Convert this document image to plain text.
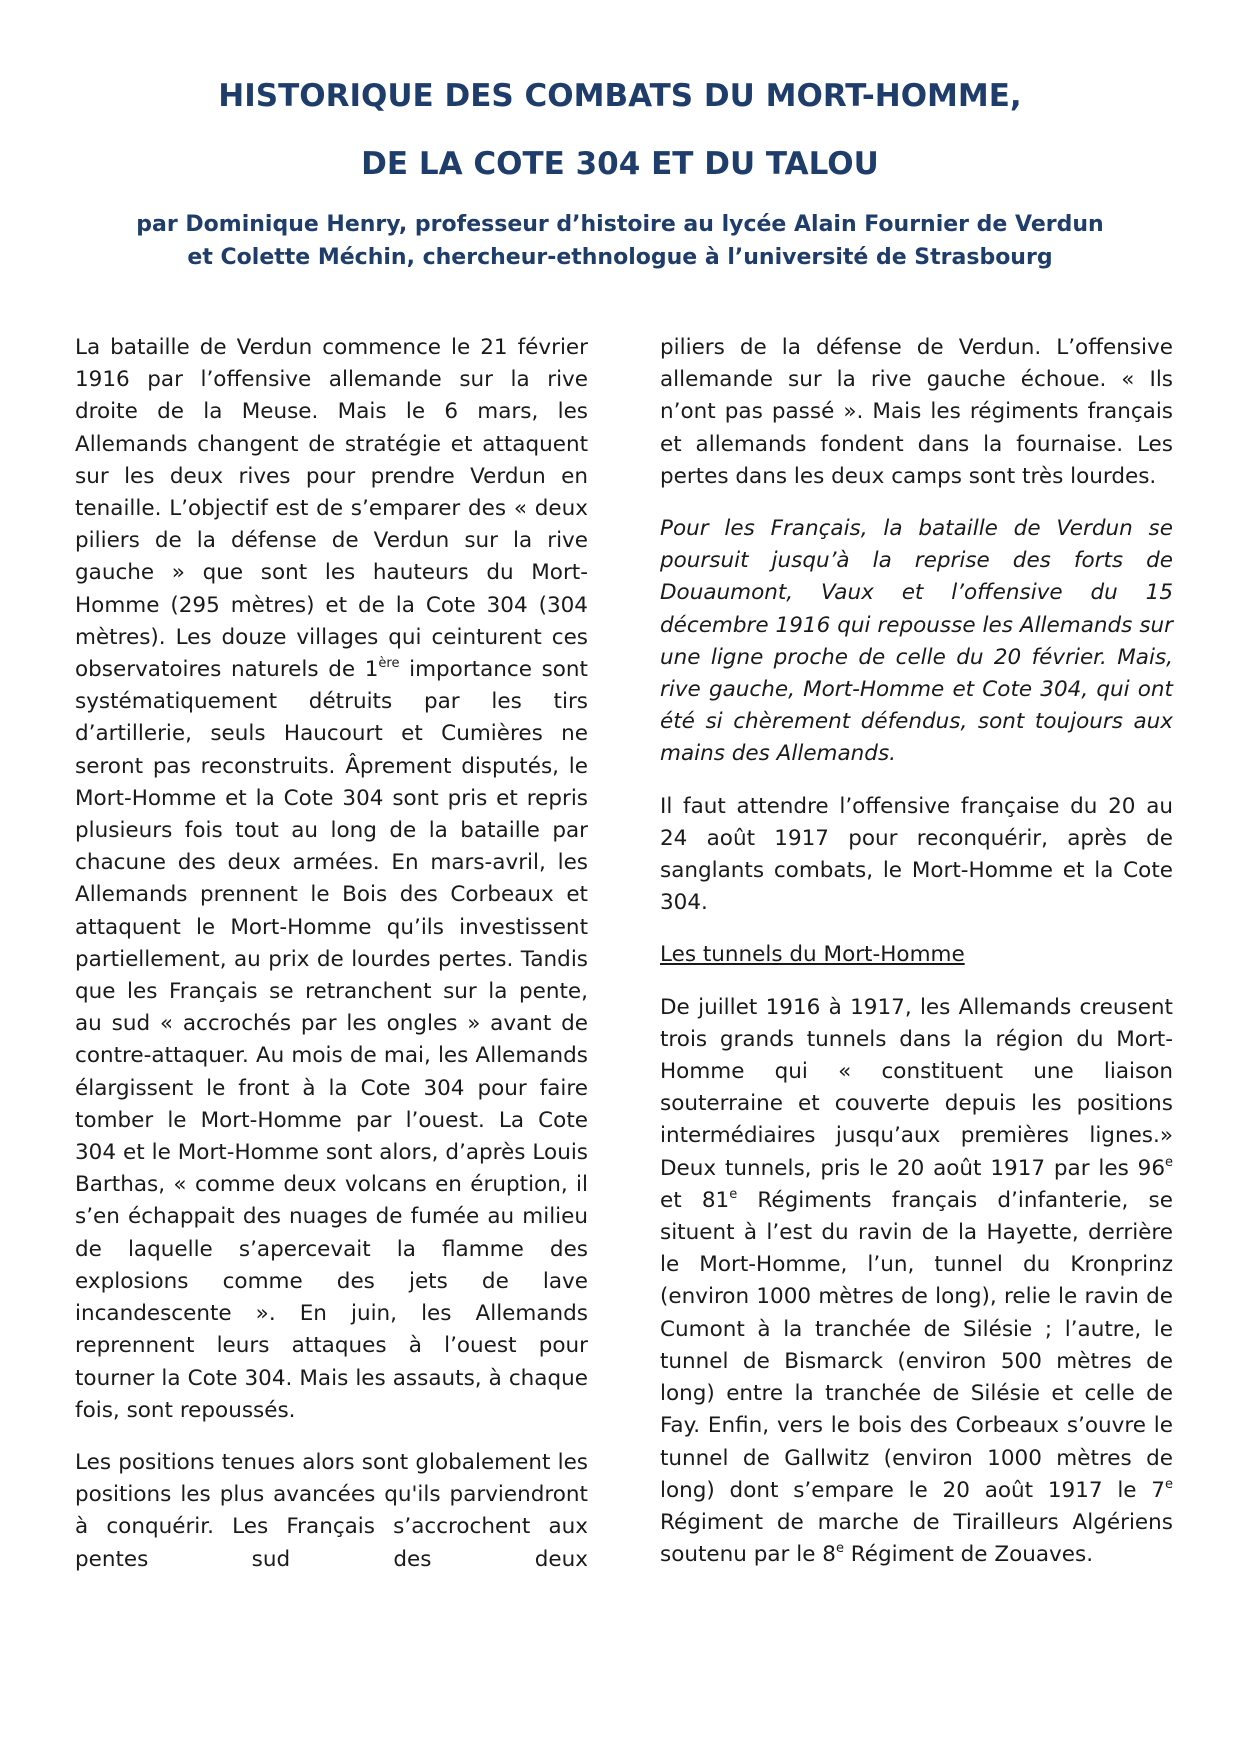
HISTORIQUE DES COMBATS DU MORT-HOMME,
DE LA COTE 304 ET DU TALOU

par Dominique Henry, professeur d’histoire au lycée Alain Fournier de Verdun

et Colette Méchin, chercheur-ethnologue à l’université de Strasbourg

La bataille de Verdun commence le 21 février 1916 par l’offensive allemande sur la rive droite de la Meuse. Mais le 6 mars, les Allemands changent de stratégie et attaquent sur les deux rives pour prendre Verdun en tenaille. L’objectif est de s’emparer des « deux piliers de la défense de Verdun sur la rive gauche » que sont les hauteurs du Mort-Homme (295 mètres) et de la Cote 304 (304 mètres). Les douze villages qui ceinturent ces observatoires naturels de 1ère importance sont systématiquement détruits par les tirs d’artillerie, seuls Haucourt et Cumières ne seront pas reconstruits. Âprement disputés, le Mort-Homme et la Cote 304 sont pris et repris plusieurs fois tout au long de la bataille par chacune des deux armées. En mars-avril, les Allemands prennent le Bois des Corbeaux et attaquent le Mort-Homme qu’ils investissent partiellement, au prix de lourdes pertes. Tandis que les Français se retranchent sur la pente, au sud « accrochés par les ongles » avant de contre-attaquer. Au mois de mai, les Allemands élargissent le front à la Cote 304 pour faire tomber le Mort-Homme par l’ouest. La Cote 304 et le Mort-Homme sont alors, d’après Louis Barthas, « comme deux volcans en éruption, il s’en échappait des nuages de fumée au milieu de laquelle s’apercevait la flamme des explosions comme des jets de lave incandescente ». En juin, les Allemands reprennent leurs attaques à l’ouest pour tourner la Cote 304. Mais les assauts, à chaque fois, sont repoussés.

Les positions tenues alors sont globalement les positions les plus avancées qu'ils parviendront à conquérir. Les Français s’accrochent aux pentes sud des deux

piliers de la défense de Verdun. L’offensive allemande sur la rive gauche échoue. « Ils n’ont pas passé ». Mais les régiments français et allemands fondent dans la fournaise. Les pertes dans les deux camps sont très lourdes.

Pour les Français, la bataille de Verdun se poursuit jusqu’à la reprise des forts de Douaumont, Vaux et l’offensive du 15 décembre 1916 qui repousse les Allemands sur une ligne proche de celle du 20 février. Mais, rive gauche, Mort-Homme et Cote 304, qui ont été si chèrement défendus, sont toujours aux mains des Allemands.

Il faut attendre l’offensive française du 20 au 24 août 1917 pour reconquérir, après de sanglants combats, le Mort-Homme et la Cote 304.

Les tunnels du Mort-Homme

De juillet 1916 à 1917, les Allemands creusent trois grands tunnels dans la région du Mort-Homme qui « constituent une liaison souterraine et couverte depuis les positions intermédiaires jusqu’aux premières lignes.» Deux tunnels, pris le 20 août 1917 par les 96e et 81e Régiments français d’infanterie, se situent à l’est du ravin de la Hayette, derrière le Mort-Homme, l’un, tunnel du Kronprinz (environ 1000 mètres de long), relie le ravin de Cumont à la tranchée de Silésie ; l’autre, le tunnel de Bismarck (environ 500 mètres de long) entre la tranchée de Silésie et celle de Fay. Enfin, vers le bois des Corbeaux s’ouvre le tunnel de Gallwitz (environ 1000 mètres de long) dont s’empare le 20 août 1917 le 7e Régiment de marche de Tirailleurs Algériens soutenu par le 8e Régiment de Zouaves.
